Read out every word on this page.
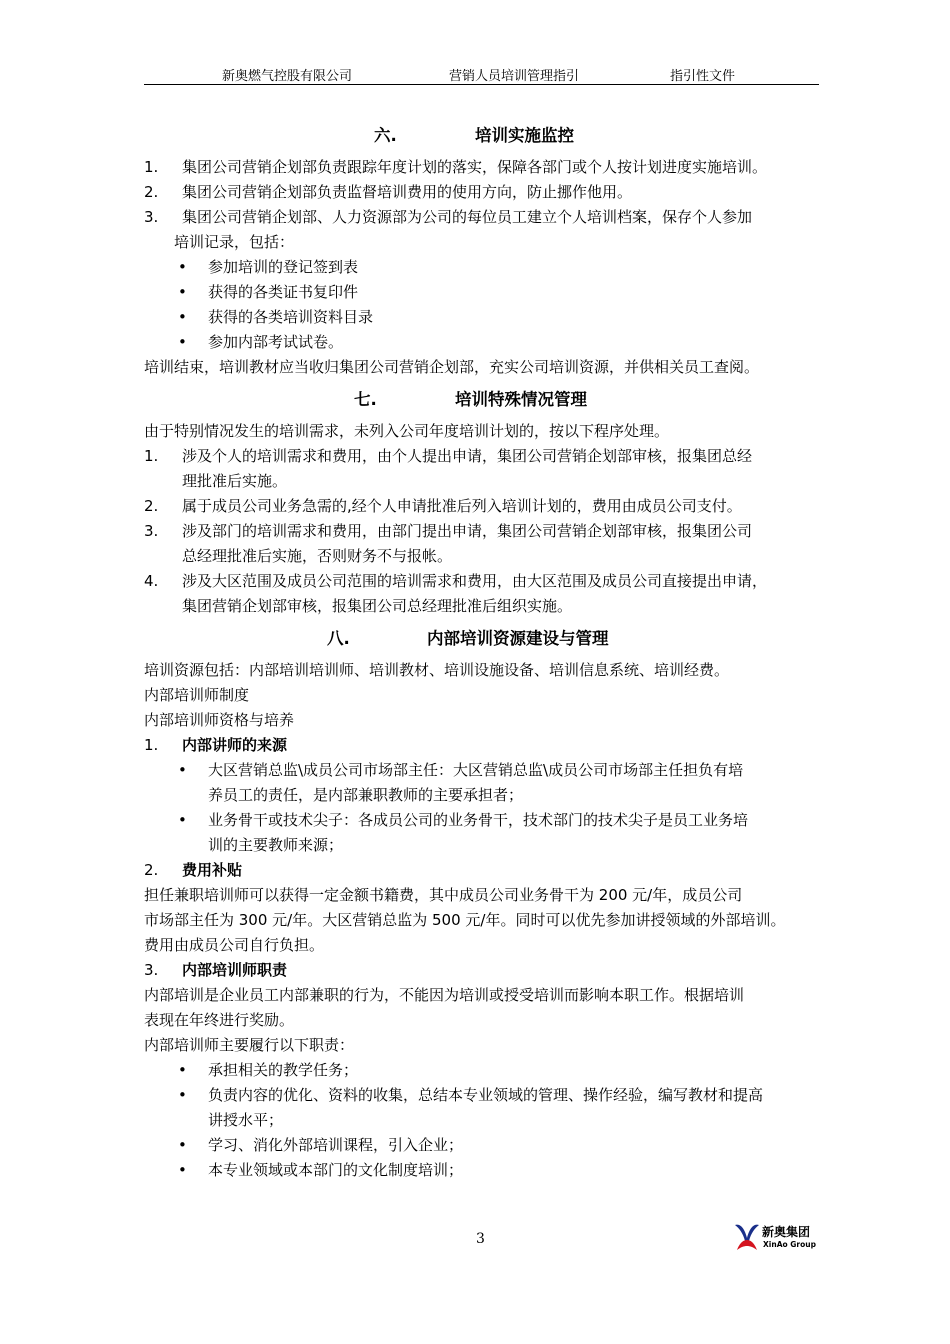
新奥燃气控股有限公司	营销人员培训管理指引	指引性文件
六.	培训实施监控
1. 集团公司营销企划部负责跟踪年度计划的落实，保障各部门或个人按计划进度实施培训。
2. 集团公司营销企划部负责监督培训费用的使用方向，防止挪作他用。
3. 集团公司营销企划部、人力资源部为公司的每位员工建立个人培训档案，保存个人参加
培训记录，包括：
• 参加培训的登记签到表
• 获得的各类证书复印件
• 获得的各类培训资料目录
• 参加内部考试试卷。
培训结束，培训教材应当收归集团公司营销企划部，充实公司培训资源，并供相关员工查阅。
七.	培训特殊情况管理
由于特别情况发生的培训需求，未列入公司年度培训计划的，按以下程序处理。
1. 涉及个人的培训需求和费用，由个人提出申请，集团公司营销企划部审核，报集团总经
理批准后实施。
2. 属于成员公司业务急需的,经个人申请批准后列入培训计划的，费用由成员公司支付。
3. 涉及部门的培训需求和费用，由部门提出申请，集团公司营销企划部审核，报集团公司
总经理批准后实施，否则财务不与报帐。
4. 涉及大区范围及成员公司范围的培训需求和费用，由大区范围及成员公司直接提出申请，
集团营销企划部审核，报集团公司总经理批准后组织实施。
八.	内部培训资源建设与管理
培训资源包括：内部培训培训师、培训教材、培训设施设备、培训信息系统、培训经费。
内部培训师制度
内部培训师资格与培养
1. 内部讲师的来源
• 大区营销总监\成员公司市场部主任：大区营销总监\成员公司市场部主任担负有培
养员工的责任，是内部兼职教师的主要承担者；
• 业务骨干或技术尖子：各成员公司的业务骨干，技术部门的技术尖子是员工业务培
训的主要教师来源；
2. 费用补贴
担任兼职培训师可以获得一定金额书籍费，其中成员公司业务骨干为 200 元/年，成员公司
市场部主任为 300 元/年。大区营销总监为 500 元/年。同时可以优先参加讲授领域的外部培训。
费用由成员公司自行负担。
3. 内部培训师职责
内部培训是企业员工内部兼职的行为，不能因为培训或授受培训而影响本职工作。根据培训
表现在年终进行奖励。
内部培训师主要履行以下职责：
• 承担相关的教学任务；
• 负责内容的优化、资料的收集，总结本专业领域的管理、操作经验，编写教材和提高
讲授水平；
• 学习、消化外部培训课程，引入企业；
• 本专业领域或本部门的文化制度培训；
3	新奥集团
XinAo Group
